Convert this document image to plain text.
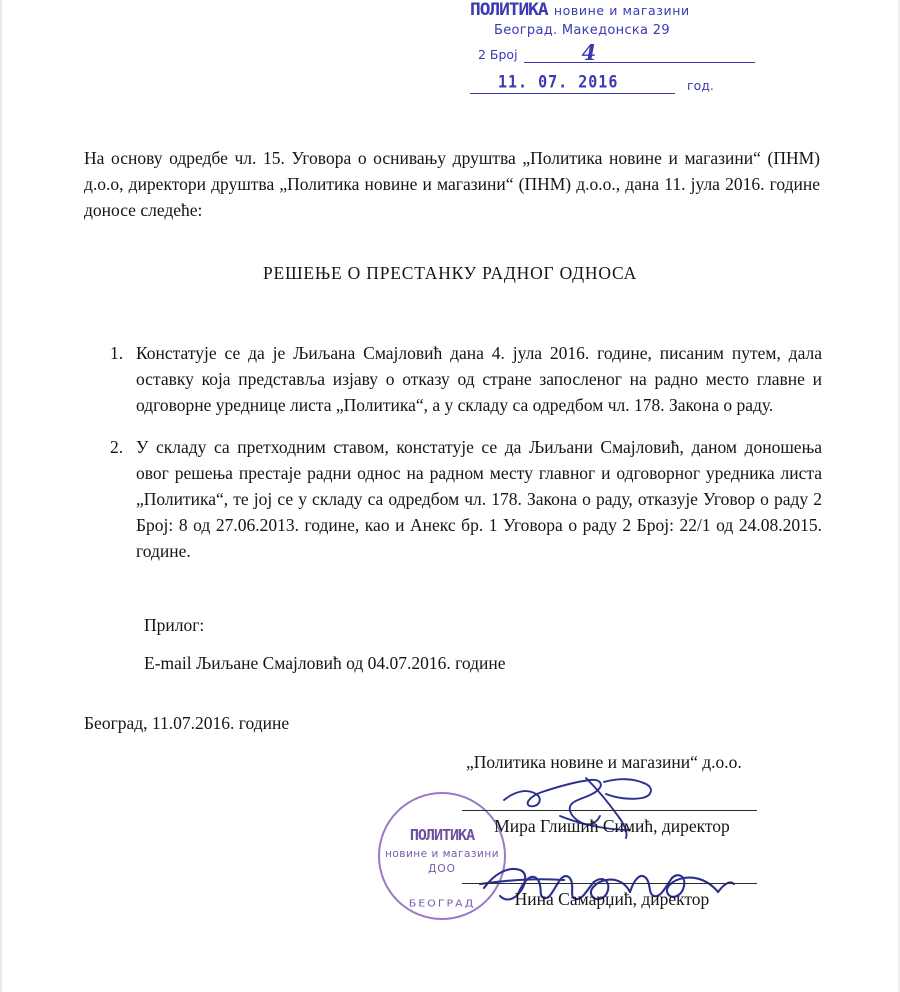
ПОЛИТИКА новине и магазини
Београд. Македонска 29
2 Број	4
11. 07. 2016	год.
На основу одредбе чл. 15. Уговора о оснивању друштва „Политика новине и магазини“ (ПНМ) д.о.о, директори друштва „Политика новине и магазини“ (ПНМ) д.о.о., дана 11. јула 2016. године доносе следеће:
РЕШЕЊЕ О ПРЕСТАНКУ РАДНОГ ОДНОСА
1. Констатује се да је Љиљана Смајловић дана 4. јула 2016. године, писаним путем, дала оставку која представља изјаву о отказу од стране запосленог на радно место главне и одговорне уреднице листа „Политика“, а у складу са одредбом чл. 178. Закона о раду.
2. У складу са претходним ставом, констатује се да Љиљани Смајловић, даном доношења овог решења престаје радни однос на радном месту главног и одговорног уредника листа „Политика“, те јој се у складу са одредбом чл. 178. Закона о раду, отказује Уговор о раду 2 Број: 8 од 27.06.2013. године, као и Анекс бр. 1 Уговора о раду 2 Број: 22/1 од 24.08.2015. године.
Прилог:
E-mail Љиљане Смајловић од 04.07.2016. године
Београд, 11.07.2016. године
„Политика новине и магазини“ д.о.о.
ПОЛИТИКА
новине и магазини
ДОО
БЕОГРАД
Мира Глишић Симић, директор
Нина Самарџић, директор
